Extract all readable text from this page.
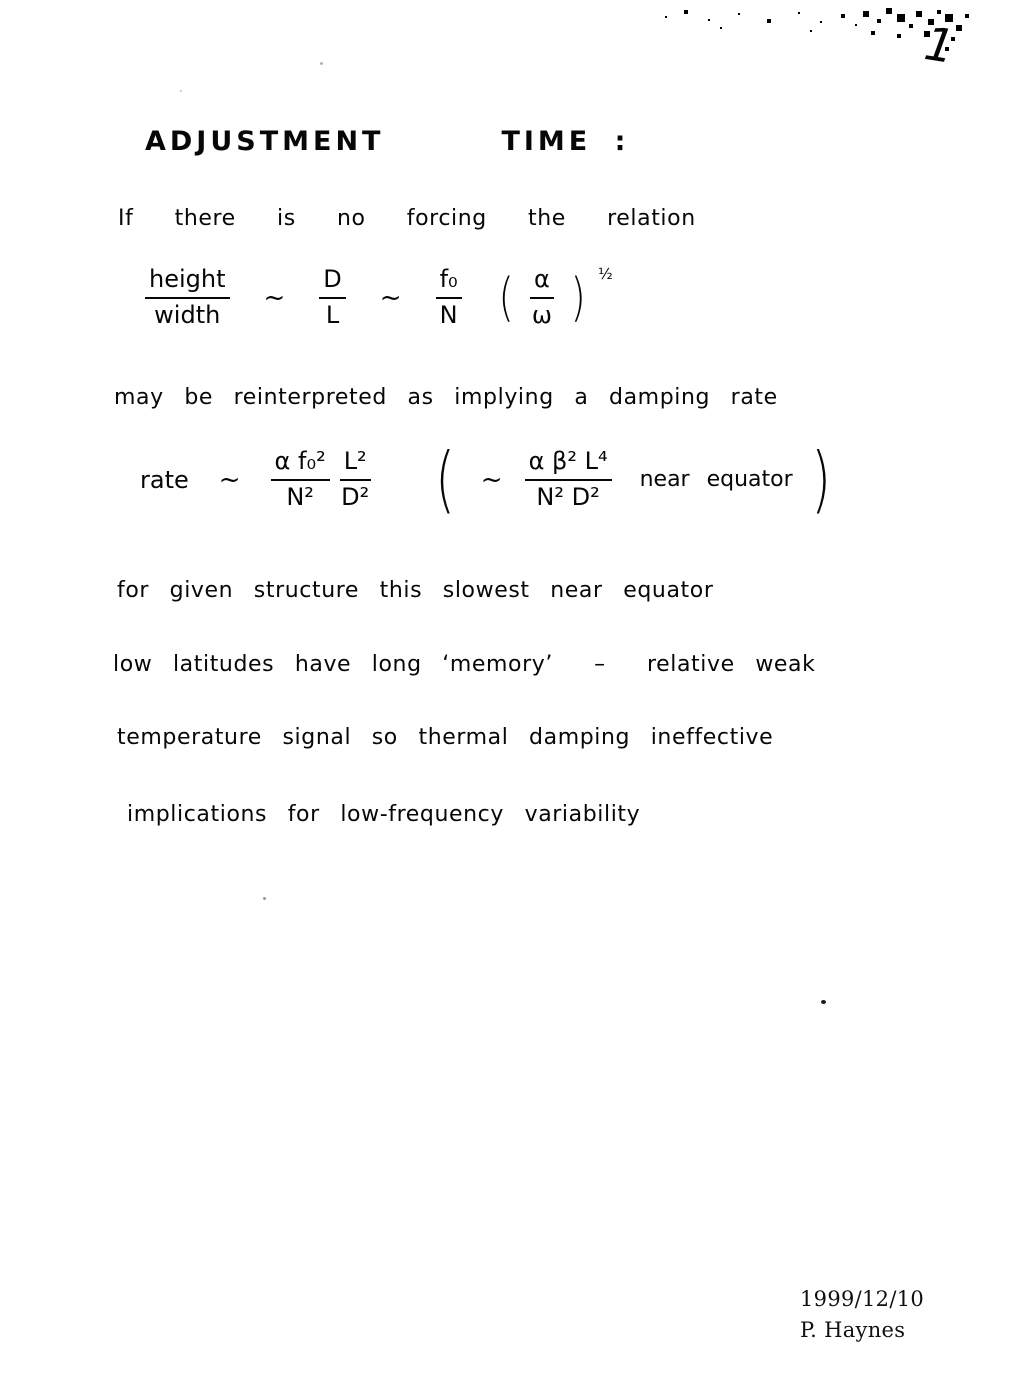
1
ADJUSTMENT     TIME :
If  there  is  no  forcing  the  relation
$\frac{\text{height}}{\text{width}}$ ~ $\frac{D}{L}$ ~ $\frac{\text{f₀}}{N}$ ( $\frac{\alpha}{\omega}$ ) ½
may be reinterpreted as implying a damping rate
rate ~ $\frac{\text{α f₀²}}{\text{N²}} \frac{\text{L²}}{\text{D²}}$ ( ~ $\frac{\text{α β² L⁴}}{\text{N² D²}}$ near equator )
for given structure this slowest near equator
low latitudes have long ‘memory’  –  relative weak
temperature signal so thermal damping ineffective
implications for low-frequency variability
1999/12/10
P. Haynes
